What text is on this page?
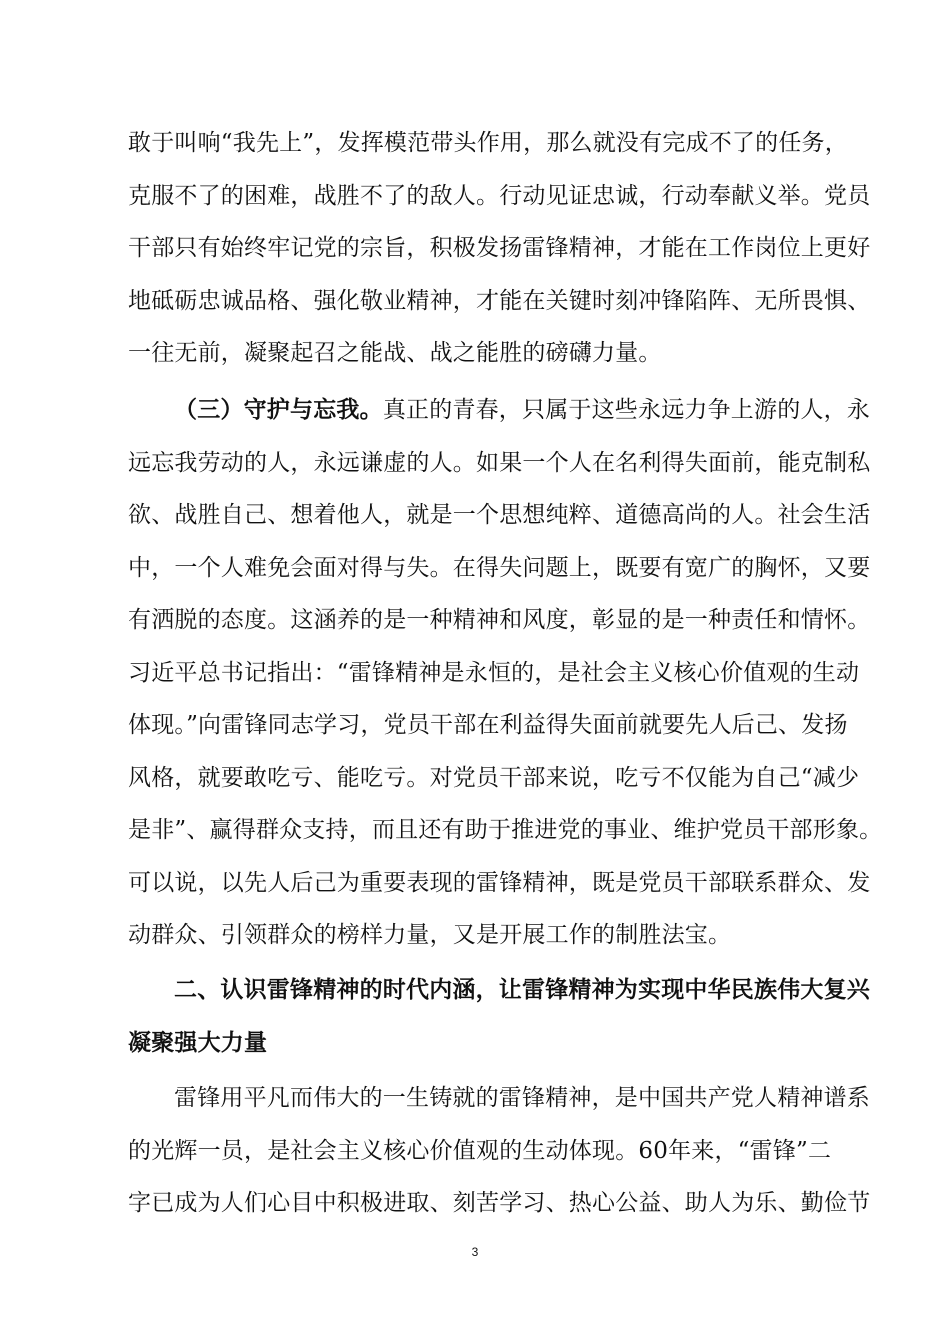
敢于叫响“我先上”，发挥模范带头作用，那么就没有完成不了的任务，
克服不了的困难，战胜不了的敌人。行动见证忠诚，行动奉献义举。党员
干部只有始终牢记党的宗旨，积极发扬雷锋精神，才能在工作岗位上更好
地砥砺忠诚品格、强化敬业精神，才能在关键时刻冲锋陷阵、无所畏惧、
一往无前，凝聚起召之能战、战之能胜的磅礴力量。
（三）守护与忘我。真正的青春，只属于这些永远力争上游的人，永
远忘我劳动的人，永远谦虚的人。如果一个人在名利得失面前，能克制私
欲、战胜自己、想着他人，就是一个思想纯粹、道德高尚的人。社会生活
中，一个人难免会面对得与失。在得失问题上，既要有宽广的胸怀，又要
有洒脱的态度。这涵养的是一种精神和风度，彰显的是一种责任和情怀。
习近平总书记指出：“雷锋精神是永恒的，是社会主义核心价值观的生动
体现。”向雷锋同志学习，党员干部在利益得失面前就要先人后己、发扬
风格，就要敢吃亏、能吃亏。对党员干部来说，吃亏不仅能为自己“减少
是非”、赢得群众支持，而且还有助于推进党的事业、维护党员干部形象。
可以说，以先人后己为重要表现的雷锋精神，既是党员干部联系群众、发
动群众、引领群众的榜样力量，又是开展工作的制胜法宝。
二、认识雷锋精神的时代内涵，让雷锋精神为实现中华民族伟大复兴
凝聚强大力量
雷锋用平凡而伟大的一生铸就的雷锋精神，是中国共产党人精神谱系
的光辉一员，是社会主义核心价值观的生动体现。60年来，“雷锋”二
字已成为人们心目中积极进取、刻苦学习、热心公益、助人为乐、勤俭节
3
